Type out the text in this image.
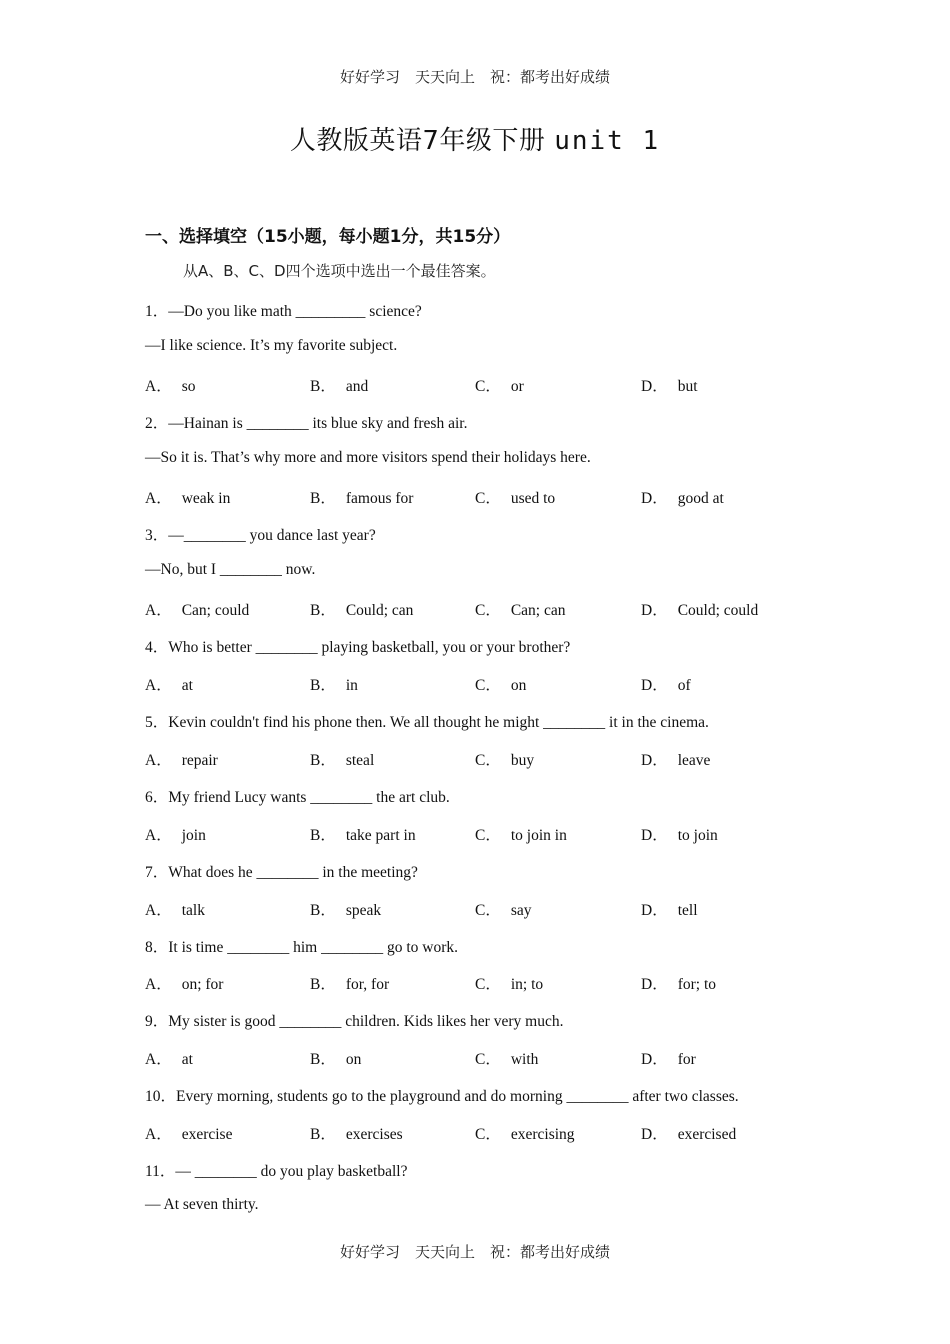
好好学习　天天向上　祝：都考出好成绩
人教版英语7年级下册 unit 1
一、选择填空（15小题，每小题1分，共15分）
从A、B、C、D四个选项中选出一个最佳答案。
1．—Do you like math _________ science?
—I like science. It’s my favorite subject.
A． so	B． and	C． or	D． but
2．—Hainan is ________ its blue sky and fresh air.
—So it is. That’s why more and more visitors spend their holidays here.
A． weak in	B． famous for	C． used to	D． good at
3．—________ you dance last year?
—No, but I ________ now.
A． Can; could	B． Could; can	C． Can; can	D． Could; could
4．Who is better ________ playing basketball, you or your brother?
A． at	B． in	C． on	D． of
5．Kevin couldn't find his phone then. We all thought he might ________ it in the cinema.
A． repair	B． steal	C． buy	D． leave
6．My friend Lucy wants ________ the art club.
A． join	B． take part in	C． to join in	D． to join
7．What does he ________ in the meeting?
A． talk	B． speak	C． say	D． tell
8．It is time ________ him ________ go to work.
A． on; for	B． for, for	C． in; to	D． for; to
9．My sister is good ________ children. Kids likes her very much.
A． at	B． on	C． with	D． for
10．Every morning, students go to the playground and do morning ________ after two classes.
A． exercise	B． exercises	C． exercising	D． exercised
11．— ________ do you play basketball?
— At seven thirty.
好好学习　天天向上　祝：都考出好成绩
